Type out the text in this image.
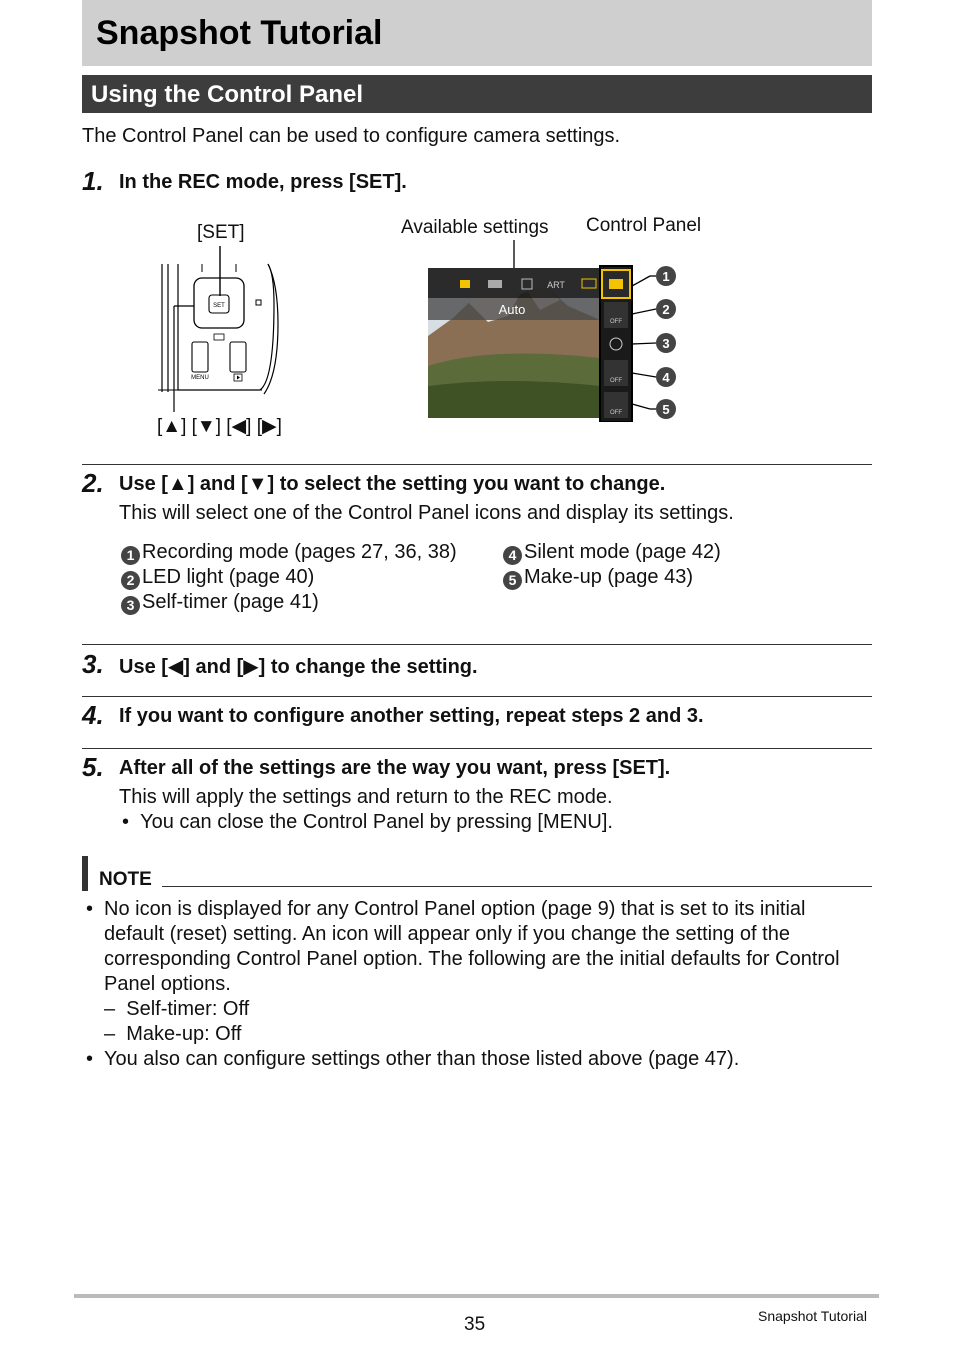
Snapshot Tutorial
Using the Control Panel
The Control Panel can be used to configure camera settings.
1. In the REC mode, press [SET].
[SET]
SET
MENU
[▲] [▼] [◀] [▶]
Available settings Control Panel
Auto
ART
OFF
OFF
OFF
1
2
3
4
5
2. Use [▲] and [▼] to select the setting you want to change.
This will select one of the Control Panel icons and display its settings.
1 Recording mode (pages 27, 36, 38)
2 LED light (page 40)
3 Self-timer (page 41)
4 Silent mode (page 42)
5 Make-up (page 43)
3. Use [◀] and [▶] to change the setting.
4. If you want to configure another setting, repeat steps 2 and 3.
5. After all of the settings are the way you want, press [SET].
This will apply the settings and return to the REC mode.
•  You can close the Control Panel by pressing [MENU].
NOTE
• No icon is displayed for any Control Panel option (page 9) that is set to its initial
default (reset) setting. An icon will appear only if you change the setting of the
corresponding Control Panel option. The following are the initial defaults for Control
Panel options.
–  Self-timer: Off
–  Make-up: Off
• You also can configure settings other than those listed above (page 47).
35	Snapshot Tutorial
